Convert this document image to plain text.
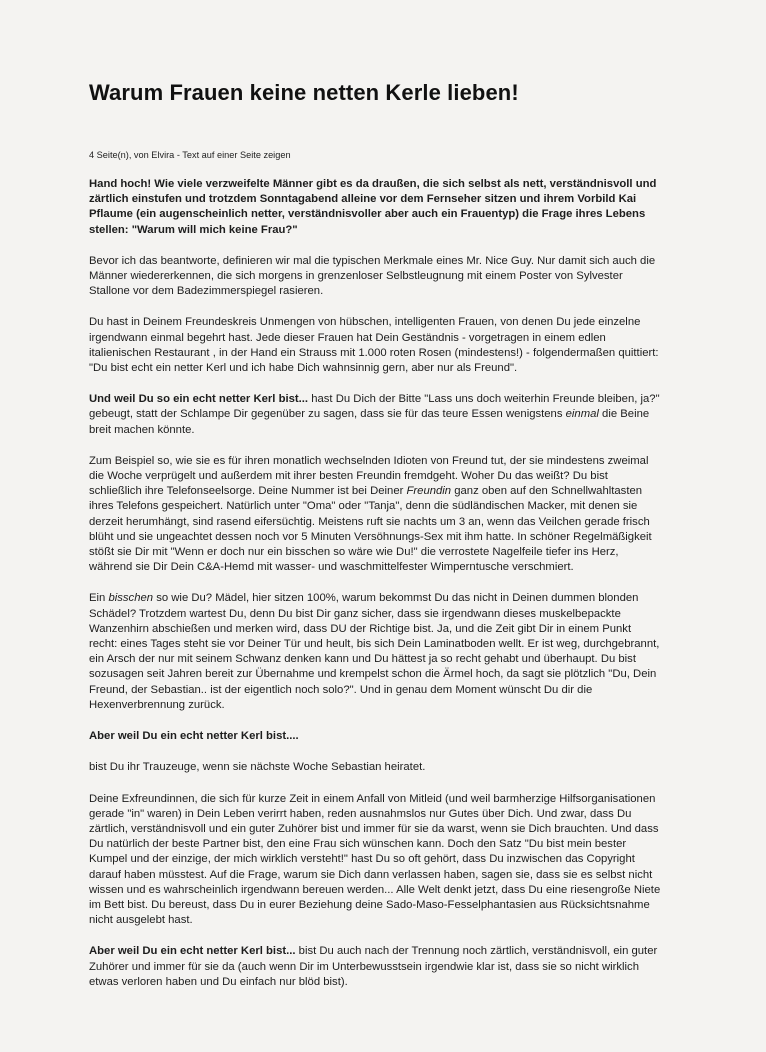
Warum Frauen keine netten Kerle lieben!
4 Seite(n), von Elvira - Text auf einer Seite zeigen

Hand hoch! Wie viele verzweifelte Männer gibt es da draußen, die sich selbst als nett, verständnisvoll und zärtlich einstufen und trotzdem Sonntagabend alleine vor dem Fernseher sitzen und ihrem Vorbild Kai Pflaume (ein augenscheinlich netter, verständnisvoller aber auch ein Frauentyp) die Frage ihres Lebens stellen: "Warum will mich keine Frau?"

Bevor ich das beantworte, definieren wir mal die typischen Merkmale eines Mr. Nice Guy. Nur damit sich auch die Männer wiedererkennen, die sich morgens in grenzenloser Selbstleugnung mit einem Poster von Sylvester Stallone vor dem Badezimmerspiegel rasieren.

Du hast in Deinem Freundeskreis Unmengen von hübschen, intelligenten Frauen, von denen Du jede einzelne irgendwann einmal begehrt hast. Jede dieser Frauen hat Dein Geständnis - vorgetragen in einem edlen italienischen Restaurant , in der Hand ein Strauss mit 1.000 roten Rosen (mindestens!) - folgendermaßen quittiert: "Du bist echt ein netter Kerl und ich habe Dich wahnsinnig gern, aber nur als Freund".

Und weil Du so ein echt netter Kerl bist... hast Du Dich der Bitte "Lass uns doch weiterhin Freunde bleiben, ja?" gebeugt, statt der Schlampe Dir gegenüber zu sagen, dass sie für das teure Essen wenigstens einmal die Beine breit machen könnte.

Zum Beispiel so, wie sie es für ihren monatlich wechselnden Idioten von Freund tut, der sie mindestens zweimal die Woche verprügelt und außerdem mit ihrer besten Freundin fremdgeht. Woher Du das weißt? Du bist schließlich ihre Telefonseelsorge. Deine Nummer ist bei Deiner Freundin ganz oben auf den Schnellwahltasten ihres Telefons gespeichert. Natürlich unter "Oma" oder "Tanja", denn die südländischen Macker, mit denen sie derzeit herumhängt, sind rasend eifersüchtig. Meistens ruft sie nachts um 3 an, wenn das Veilchen gerade frisch blüht und sie ungeachtet dessen noch vor 5 Minuten Versöhnungs-Sex mit ihm hatte. In schöner Regelmäßigkeit stößt sie Dir mit "Wenn er doch nur ein bisschen so wäre wie Du!" die verrostete Nagelfeile tiefer ins Herz, während sie Dir Dein C&A-Hemd mit wasser- und waschmittelfester Wimperntusche verschmiert.

Ein bisschen so wie Du? Mädel, hier sitzen 100%, warum bekommst Du das nicht in Deinen dummen blonden Schädel? Trotzdem wartest Du, denn Du bist Dir ganz sicher, dass sie irgendwann dieses muskelbepackte Wanzenhirn abschießen und merken wird, dass DU der Richtige bist. Ja, und die Zeit gibt Dir in einem Punkt recht: eines Tages steht sie vor Deiner Tür und heult, bis sich Dein Laminatboden wellt. Er ist weg, durchgebrannt, ein Arsch der nur mit seinem Schwanz denken kann und Du hättest ja so recht gehabt und überhaupt. Du bist sozusagen seit Jahren bereit zur Übernahme und krempelst schon die Ärmel hoch, da sagt sie plötzlich "Du, Dein Freund, der Sebastian.. ist der eigentlich noch solo?". Und in genau dem Moment wünscht Du dir die Hexenverbrennung zurück.

Aber weil Du ein echt netter Kerl bist....

bist Du ihr Trauzeuge, wenn sie nächste Woche Sebastian heiratet.

Deine Exfreundinnen, die sich für kurze Zeit in einem Anfall von Mitleid (und weil barmherzige Hilfsorganisationen gerade "in" waren) in Dein Leben verirrt haben, reden ausnahmslos nur Gutes über Dich. Und zwar, dass Du zärtlich, verständnisvoll und ein guter Zuhörer bist und immer für sie da warst, wenn sie Dich brauchten. Und dass Du natürlich der beste Partner bist, den eine Frau sich wünschen kann. Doch den Satz "Du bist mein bester Kumpel und der einzige, der mich wirklich versteht!" hast Du so oft gehört, dass Du inzwischen das Copyright darauf haben müsstest. Auf die Frage, warum sie Dich dann verlassen haben, sagen sie, dass sie es selbst nicht wissen und es wahrscheinlich irgendwann bereuen werden... Alle Welt denkt jetzt, dass Du eine riesengroße Niete im Bett bist. Du bereust, dass Du in eurer Beziehung deine Sado-Maso-Fesselphantasien aus Rücksichtsnahme nicht ausgelebt hast.

Aber weil Du ein echt netter Kerl bist... bist Du auch nach der Trennung noch zärtlich, verständnisvoll, ein guter Zuhörer und immer für sie da (auch wenn Dir im Unterbewusstsein irgendwie klar ist, dass sie so nicht wirklich etwas verloren haben und Du einfach nur blöd bist).
